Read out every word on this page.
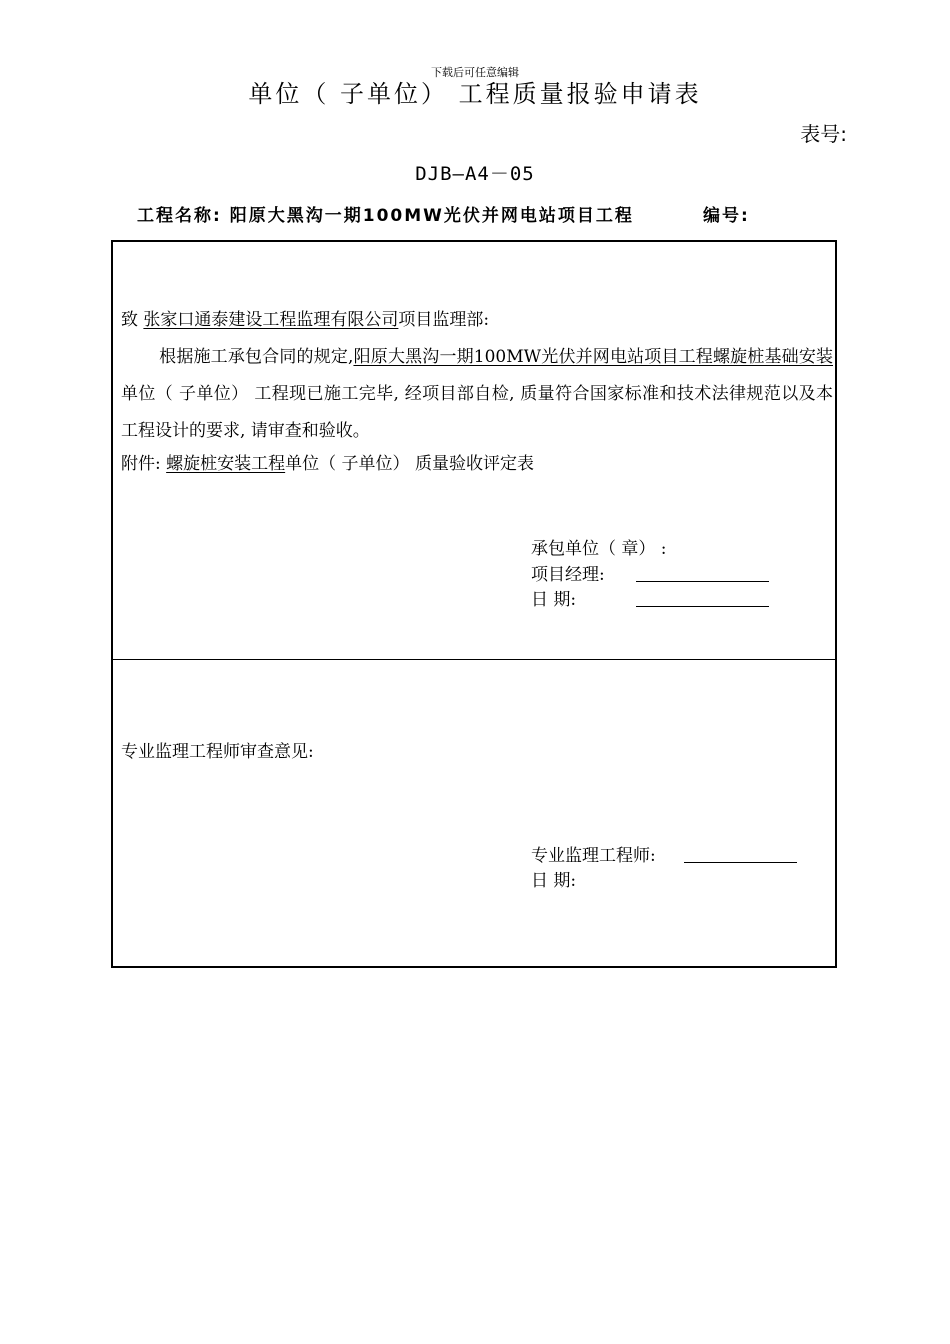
下载后可任意编辑
单位（ 子单位） 工程质量报验申请表
表号:
DJB—A4－05
工程名称: 阳原大黑沟一期100MW光伏并网电站项目工程	编号:
致 张家口通泰建设工程监理有限公司项目监理部:
根据施工承包合同的规定,阳原大黑沟一期100MW光伏并网电站项目工程螺旋桩基础安装单位（ 子单位） 工程现已施工完毕, 经项目部自检, 质量符合国家标准和技术法律规范以及本工程设计的要求, 请审查和验收。
附件: 螺旋桩安装工程单位（ 子单位） 质量验收评定表
承包单位（ 章） :
项目经理:
日 期:
专业监理工程师审查意见:
专业监理工程师:
日 期:
